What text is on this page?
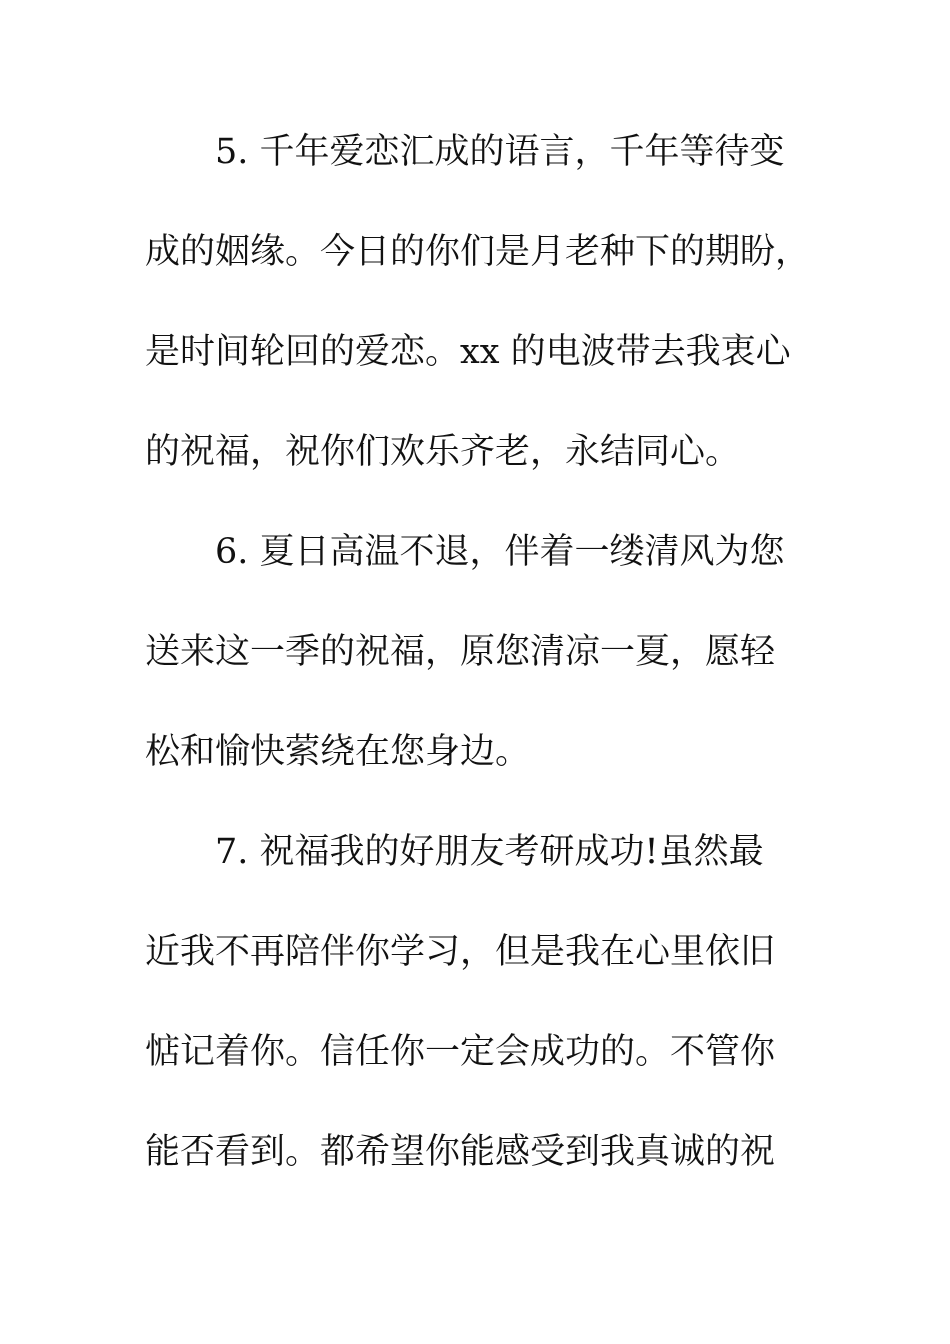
　　5. 千年爱恋汇成的语言，千年等待变
成的姻缘。今日的你们是月老种下的期盼，
是时间轮回的爱恋。xx 的电波带去我衷心
的祝福，祝你们欢乐齐老，永结同心。
　　6. 夏日高温不退，伴着一缕清风为您
送来这一季的祝福，原您清凉一夏，愿轻
松和愉快萦绕在您身边。
　　7. 祝福我的好朋友考研成功!虽然最
近我不再陪伴你学习，但是我在心里依旧
惦记着你。信任你一定会成功的。不管你
能否看到。都希望你能感受到我真诚的祝
